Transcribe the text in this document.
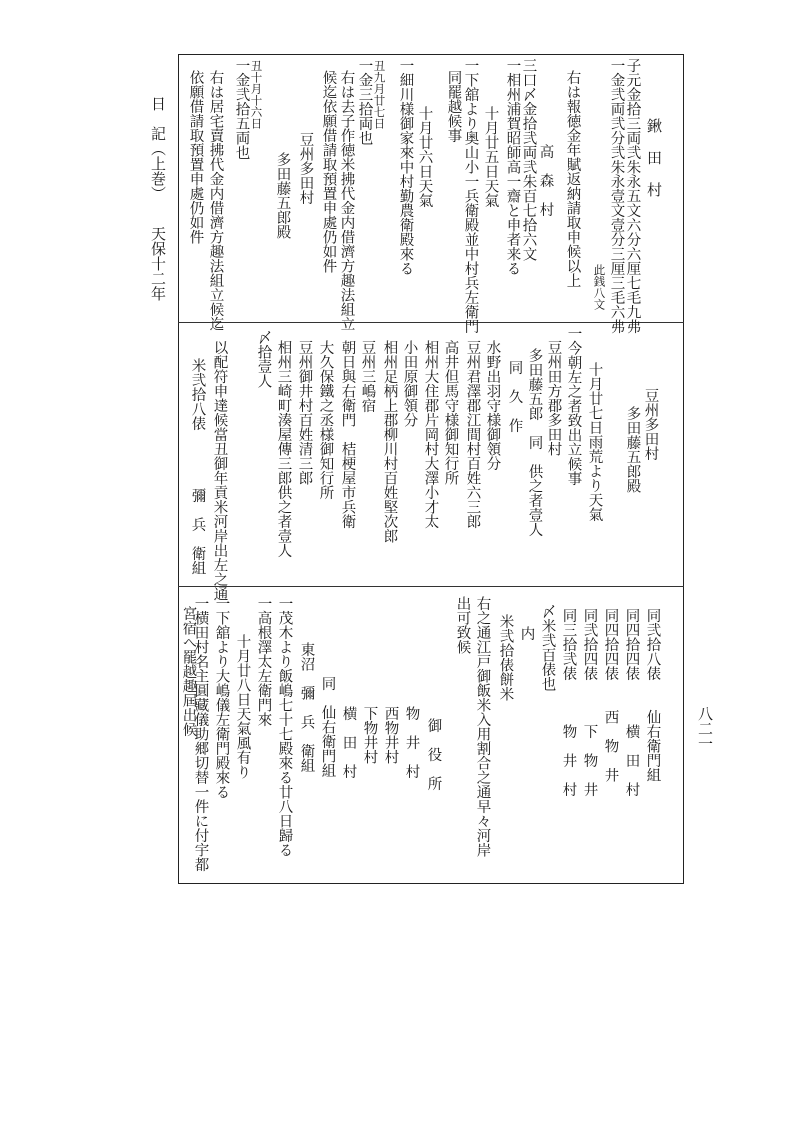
日　記（上巻）
天保十二年
八二一
鍬　田　村
子元金拾三両弐朱永五文六分六厘七毛九弗
一金弐両弐分弐朱永壹文壹分三厘三毛六弗
此銭八文
右は報徳金年賦返納請取申候以上
高　森　村
三口〆金拾弐両弐朱百七拾六文
一相州浦賀昭師高一齋と申者来る
十月廿五日天氣
一下舘より奥山小一兵衛殿並中村兵左衛門
同罷越候事
十月廿六日天氣
一細川様御家來中村勤農衛殿來る
丑九月廿七日
一金三拾両也
右は去子作徳米拂代金内借濟方趣法組立
候迄依願借請取預置申處仍如件
豆州多田村
多田藤五郎殿
丑十月十六日
一金弐拾五両也
右は居宅賣拂代金内借濟方趣法組立候迄
依願借請取預置申處仍如件
豆州多田村
多田藤五郎殿
十月廿七日雨荒より天氣
一今朝左之者致出立候事
豆州田方郡多田村
多田藤五郎　同　供之者壹人
同　久　作
水野出羽守様御領分
豆州君澤郡江間村百姓六三郎
高井但馬守様御知行所
相州大住郡片岡村大澤小才太
小田原御領分
相州足柄上郡柳川村百姓堅次郎
豆州三嶋宿
朝日與右衛門　桔梗屋市兵衛
大久保鐵之丞様御知行所
豆州御井村百姓清三郎
相州三崎町湊屋傳三郎供之者壹人
〆拾壹人
以配符申達候當丑御年貢米河岸出左之通
米弐拾八俵
彌　兵　衛組
同弐拾八俵　　仙右衛門組
同四拾四俵　　　横　田　村
同四拾四俵　　西　物　井
同弐拾四俵　　　下　物　井
同三拾弐俵　　　物　井　村
〆米弐百俵也
内
米弐拾俵餅米
御　役　所 右之通江戸御飯米入用割合之通早々河岸
出可致候
物　井　村
西物井村
下物井村
横　田　村
同　仙右衛門組
東沼　彌　兵　衛組
一茂木より飯嶋七十七殿來る廿八日歸る
一高根澤太左衛門來
十月廿八日天氣風有り
一下舘より大嶋儀左衛門殿來る
一横田村名主圓藏儀助郷切替一件に付宇都
宮宿へ罷越趣屆出候
